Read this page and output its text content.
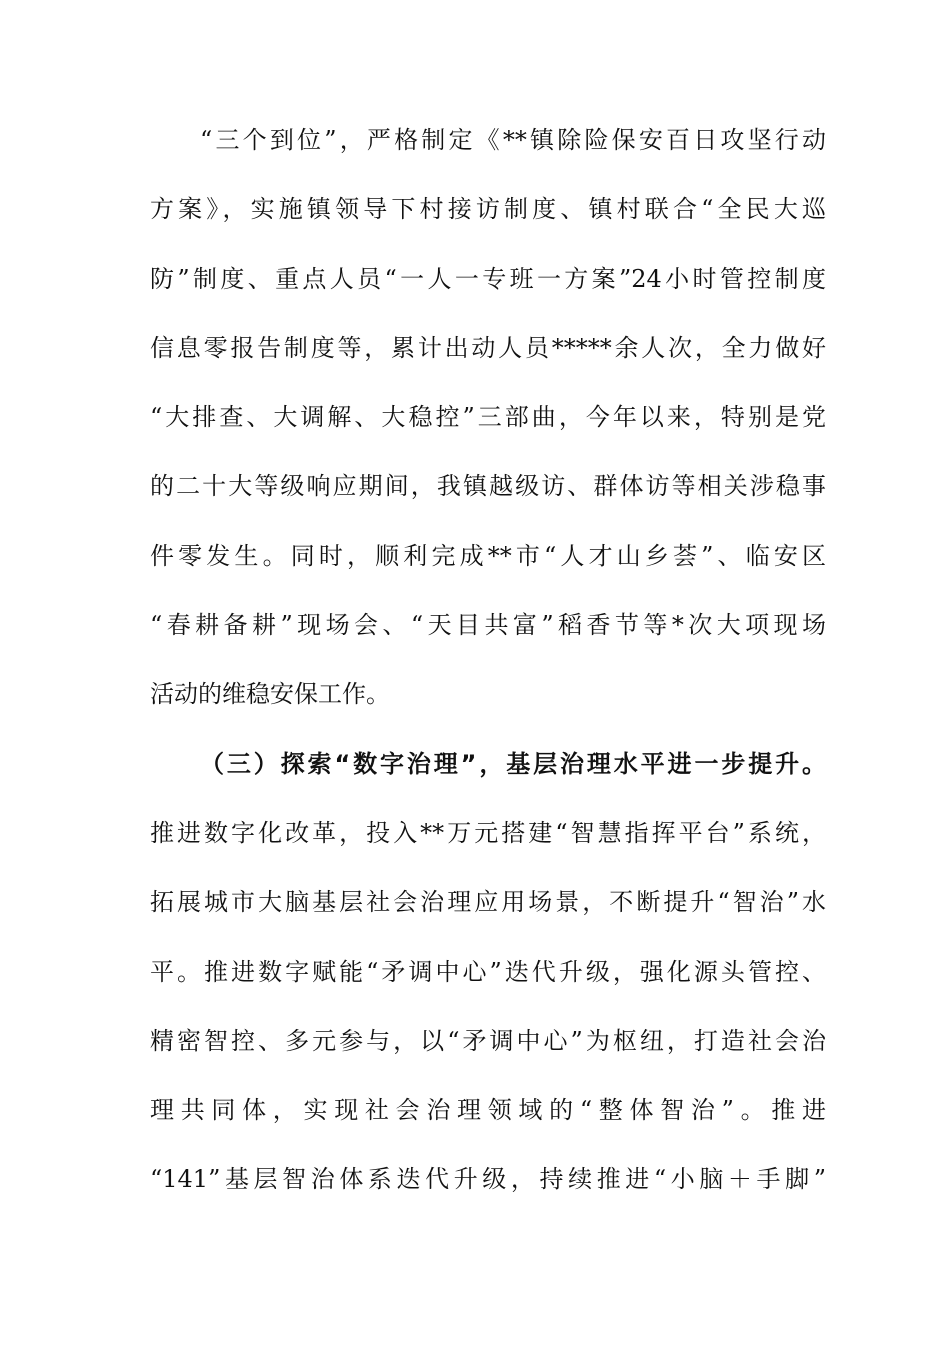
“三个到位”，严格制定《**镇除险保安百日攻坚行动
方案》，实施镇领导下村接访制度、镇村联合“全民大巡
防”制度、重点人员“一人一专班一方案”24小时管控制度
信息零报告制度等，累计出动人员*****余人次，全力做好
“大排查、大调解、大稳控”三部曲，今年以来，特别是党
的二十大等级响应期间，我镇越级访、群体访等相关涉稳事
件零发生。同时，顺利完成**市“人才山乡荟”、临安区
“春耕备耕”现场会、“天目共富”稻香节等*次大项现场
活动的维稳安保工作。
（三）探索“数字治理”，基层治理水平进一步提升。
推进数字化改革，投入**万元搭建“智慧指挥平台”系统，
拓展城市大脑基层社会治理应用场景，不断提升“智治”水
平。推进数字赋能“矛调中心”迭代升级，强化源头管控、
精密智控、多元参与，以“矛调中心”为枢纽，打造社会治
理共同体，实现社会治理领域的“整体智治”。推进
“141”基层智治体系迭代升级，持续推进“小脑＋手脚”
